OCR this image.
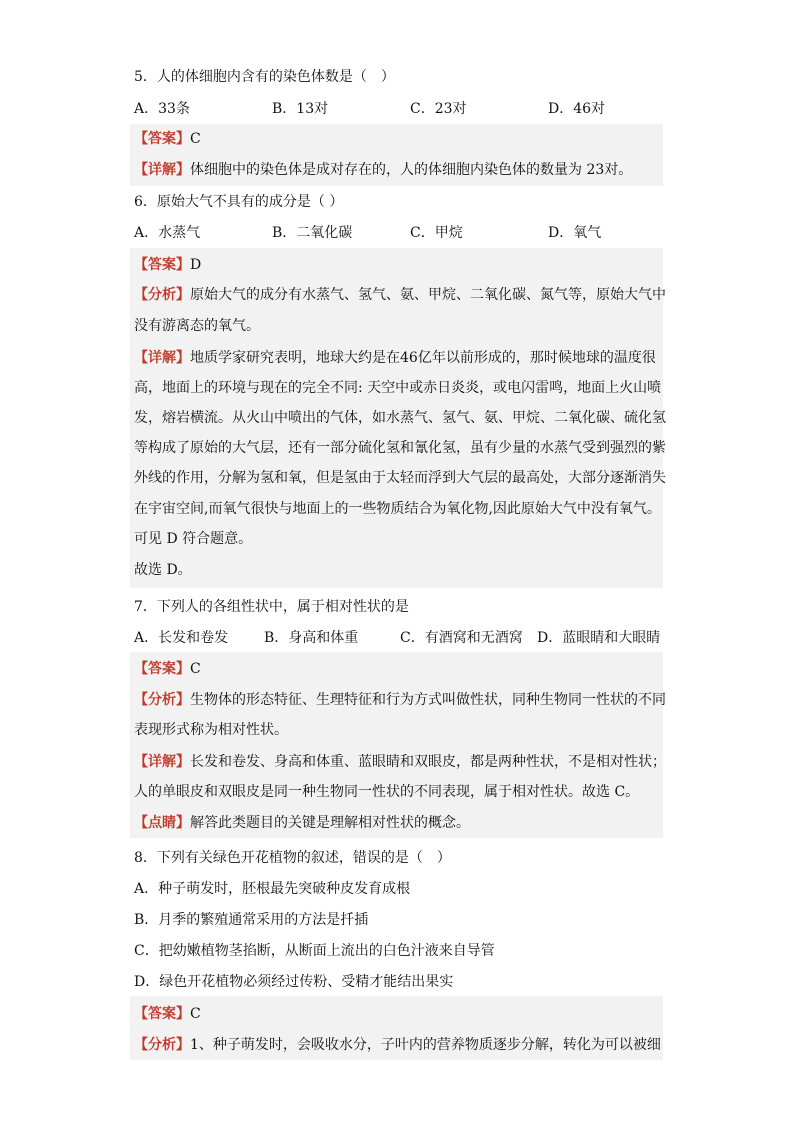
5．人的体细胞内含有的染色体数是（　）
A．33条	B．13对	C．23对	D．46对
【答案】C
【详解】体细胞中的染色体是成对存在的，人的体细胞内染色体的数量为 23对。
6．原始大气不具有的成分是（ ）
A．水蒸气	B．二氧化碳	C．甲烷	D．氧气
【答案】D
【分析】原始大气的成分有水蒸气、氢气、氨、甲烷、二氧化碳、氮气等，原始大气中
没有游离态的氧气。
【详解】地质学家研究表明，地球大约是在46亿年以前形成的，那时候地球的温度很
高，地面上的环境与现在的完全不同: 天空中或赤日炎炎，或电闪雷鸣，地面上火山喷
发，熔岩横流。从火山中喷出的气体，如水蒸气、氢气、氨、甲烷、二氧化碳、硫化氢
等构成了原始的大气层，还有一部分硫化氢和氰化氢，虽有少量的水蒸气受到强烈的紫
外线的作用，分解为氢和氧，但是氢由于太轻而浮到大气层的最高处，大部分逐渐消失
在宇宙空间,而氧气很快与地面上的一些物质结合为氧化物,因此原始大气中没有氧气。
可见 D 符合题意。
故选 D。
7．下列人的各组性状中，属于相对性状的是
A．长发和卷发	B．身高和体重	C．有酒窝和无酒窝 D．蓝眼睛和大眼睛
【答案】C
【分析】生物体的形态特征、生理特征和行为方式叫做性状，同种生物同一性状的不同
表现形式称为相对性状。
【详解】长发和卷发、身高和体重、蓝眼睛和双眼皮，都是两种性状，不是相对性状；
人的单眼皮和双眼皮是同一种生物同一性状的不同表现，属于相对性状。故选 C。
【点睛】解答此类题目的关键是理解相对性状的概念。
8．下列有关绿色开花植物的叙述，错误的是（　）
A．种子萌发时，胚根最先突破种皮发育成根
B．月季的繁殖通常采用的方法是扦插
C．把幼嫩植物茎掐断，从断面上流出的白色汁液来自导管
D．绿色开花植物必须经过传粉、受精才能结出果实
【答案】C
【分析】1、种子萌发时，会吸收水分，子叶内的营养物质逐步分解，转化为可以被细
